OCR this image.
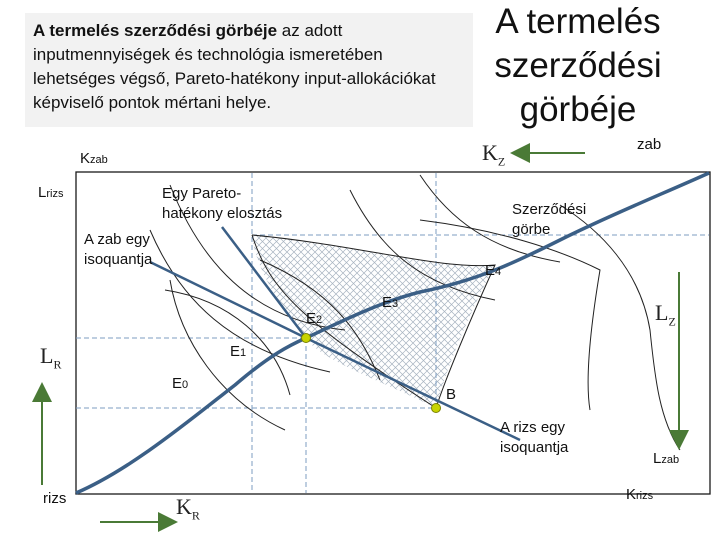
A termelés szerződési görbéje az adott inputmennyiségek és technológia ismeretében lehetséges végső, Pareto-hatékony input-allokációkat képviselő pontok mértani helye.
A termelés szerződési görbéje
Kzab
Lrizs
rizs	Krizs
Lzab
zab
$K_Z$
$L_Z$
$L_R$
$K_R$
Egy Pareto-
hatékony elosztás
A zab egy
isoquantja
Szerződési
görbe
A rizs egy
isoquantja
E0
E1
E2
E3
E4
B
